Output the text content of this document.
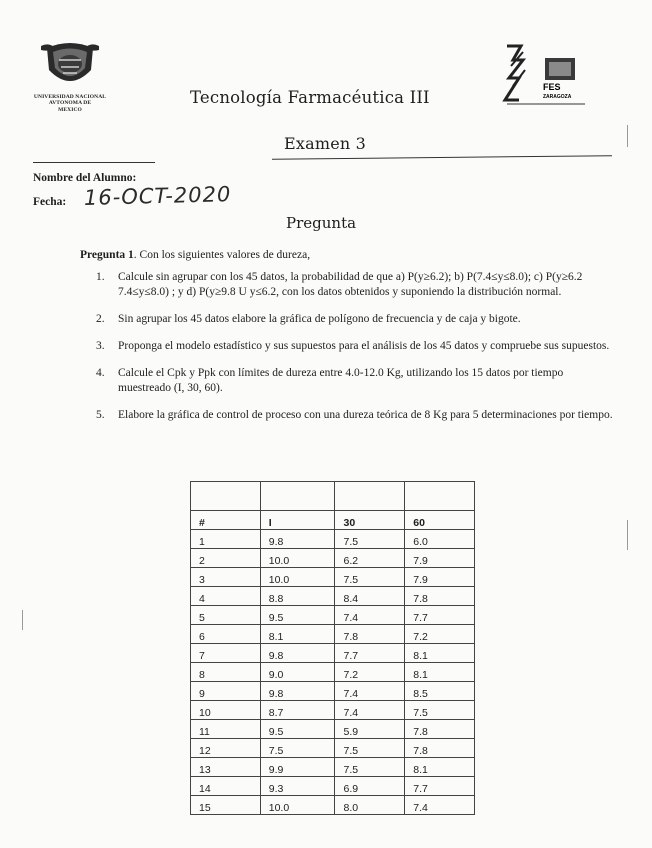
UNIVERSIDAD NACIONAL
AVTONOMA DE
MEXICO
FES
ZARAGOZA
Tecnología Farmacéutica III
Examen 3
Nombre del Alumno:
Fecha: 16-OCT-2020
Pregunta
Pregunta 1. Con los siguientes valores de dureza,
1. Calcule sin agrupar con los 45 datos, la probabilidad de que a) P(y≥6.2); b) P(7.4≤y≤8.0); c) P(y≥6.2 7.4≤y≤8.0) ; y d) P(y≥9.8 U y≤6.2, con los datos obtenidos y suponiendo la distribución normal.
2. Sin agrupar los 45 datos elabore la gráfica de polígono de frecuencia y de caja y bigote.
3. Proponga el modelo estadístico y sus supuestos para el análisis de los 45 datos y compruebe sus supuestos.
4. Calcule el Cpk y Ppk con límites de dureza entre 4.0-12.0 Kg, utilizando los 15 datos por tiempo muestreado (I, 30, 60).
5. Elabore la gráfica de control de proceso con una dureza teórica de 8 Kg para 5 determinaciones por tiempo.

#	I	30	60
1	9.8	7.5	6.0
2	10.0	6.2	7.9
3	10.0	7.5	7.9
4	8.8	8.4	7.8
5	9.5	7.4	7.7
6	8.1	7.8	7.2
7	9.8	7.7	8.1
8	9.0	7.2	8.1
9	9.8	7.4	8.5
10	8.7	7.4	7.5
11	9.5	5.9	7.8
12	7.5	7.5	7.8
13	9.9	7.5	8.1
14	9.3	6.9	7.7
15	10.0	8.0	7.4
